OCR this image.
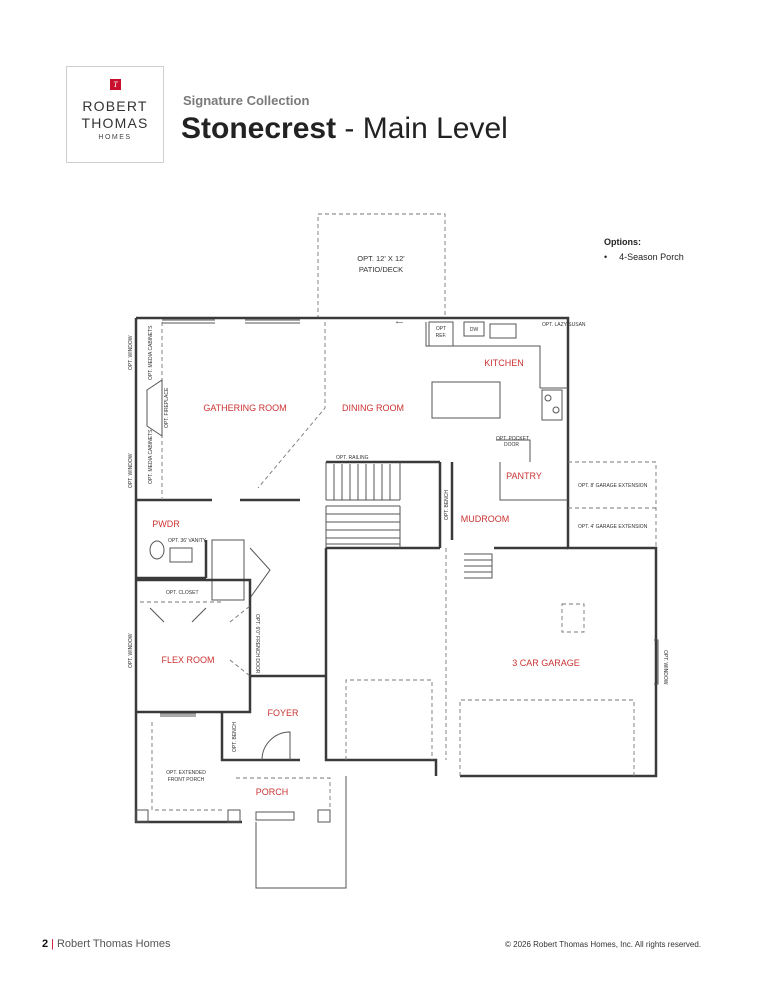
T
ROBERT
THOMAS
HOMES
Signature Collection
Stonecrest - Main Level
Options:
• 4-Season Porch
OPT. 12' X 12'
PATIO/DECK
⟵
OPT
REF.
DW
OPT. LAZY SUSAN
KITCHEN
GATHERING ROOM	DINING ROOM
OPT. WINDOW	OPT. MEDIA CABINETS
OPT. FIREPLACE
OPT. WINDOW	OPT. MEDIA CABINETS	OPT. RAILING
OPT. POCKET
DOOR
PANTRY
MUDROOM
OPT. BENCH
OPT. 8' GARAGE EXTENSION
OPT. 4' GARAGE EXTENSION
3 CAR GARAGE	OPT. WINDOW
PWDR
OPT. 36' VANITY
OPT. CLOSET
OPT. 6'0" FRENCH DOOR
OPT. WINDOW	FLEX ROOM
FOYER
OPT. BENCH
OPT. EXTENDED
FRONT PORCH
PORCH
2 | Robert Thomas Homes	© 2026 Robert Thomas Homes, Inc. All rights reserved.
